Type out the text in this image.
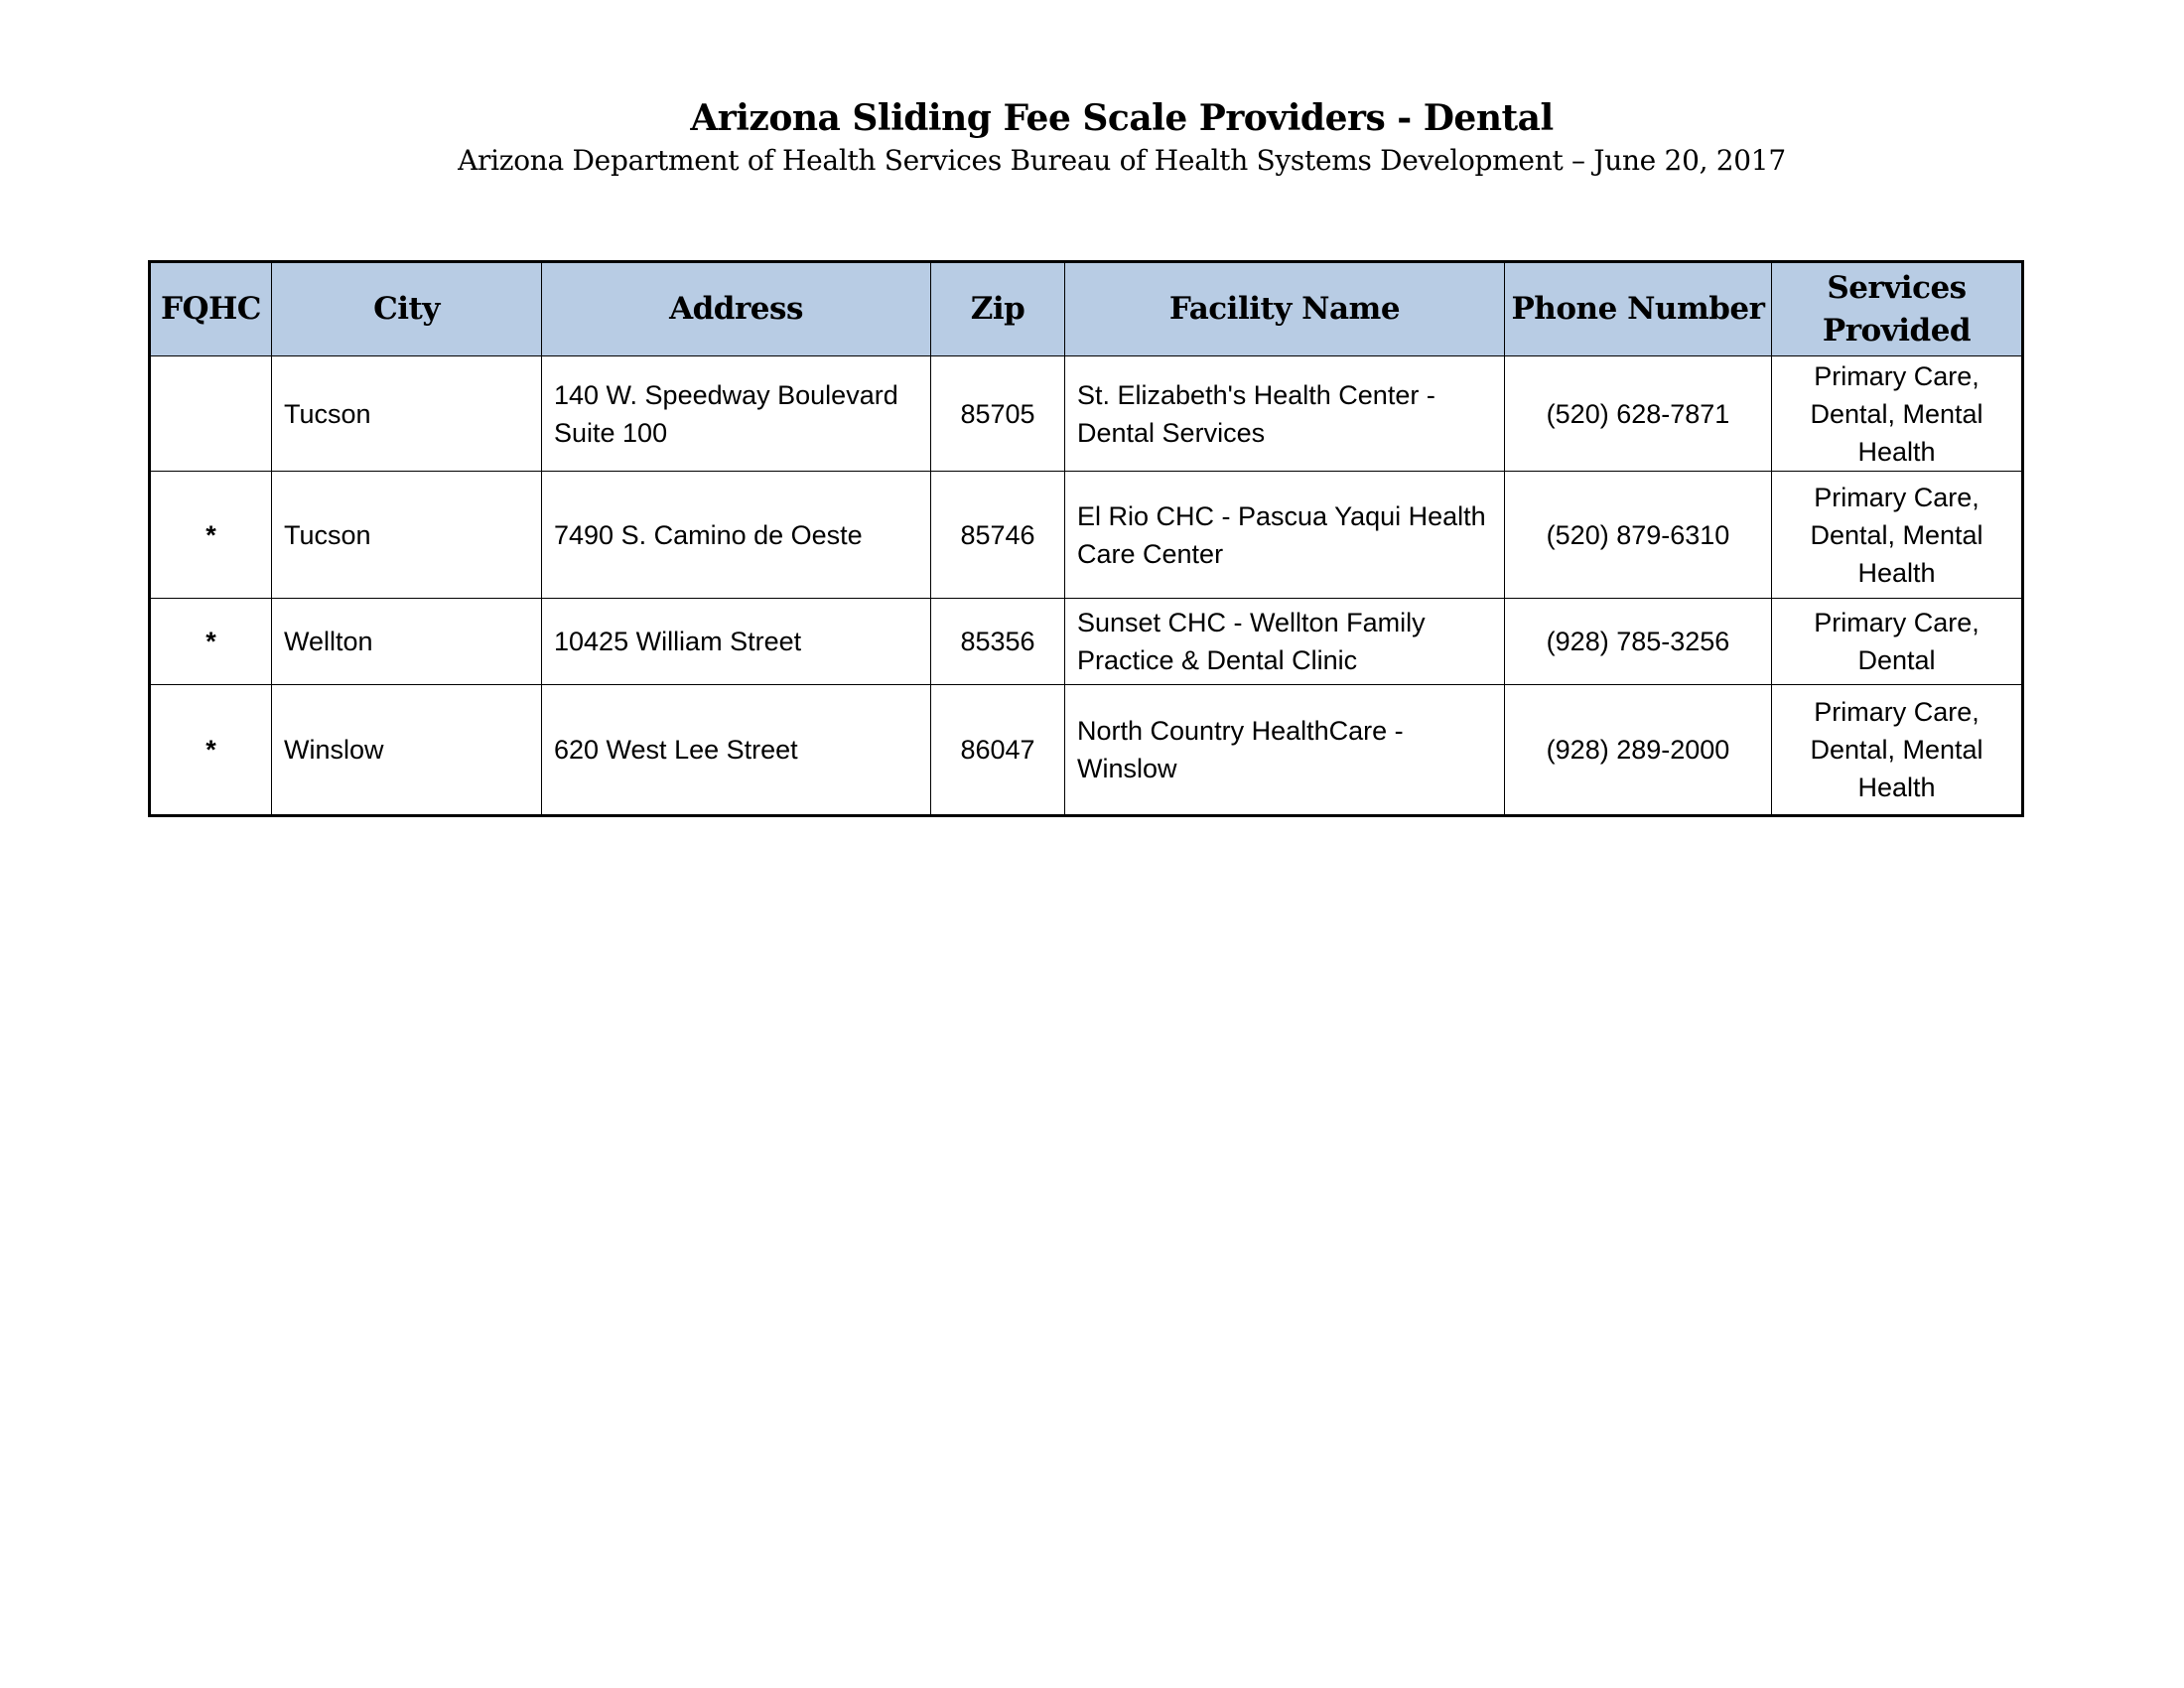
Arizona Sliding Fee Scale Providers - Dental
Arizona Department of Health Services Bureau of Health Systems Development – June 20, 2017
FQHC	City	Address	Zip	Facility Name	Phone Number	Services Provided
	Tucson	140 W. Speedway Boulevard Suite 100	85705	St. Elizabeth's Health Center - Dental Services	(520) 628-7871	Primary Care, Dental, Mental Health
*	Tucson	7490 S. Camino de Oeste	85746	El Rio CHC - Pascua Yaqui Health Care Center	(520) 879-6310	Primary Care, Dental, Mental Health
*	Wellton	10425 William Street	85356	Sunset CHC - Wellton Family Practice & Dental Clinic	(928) 785-3256	Primary Care, Dental
*	Winslow	620 West Lee Street	86047	North Country HealthCare - Winslow	(928) 289-2000	Primary Care, Dental, Mental Health
